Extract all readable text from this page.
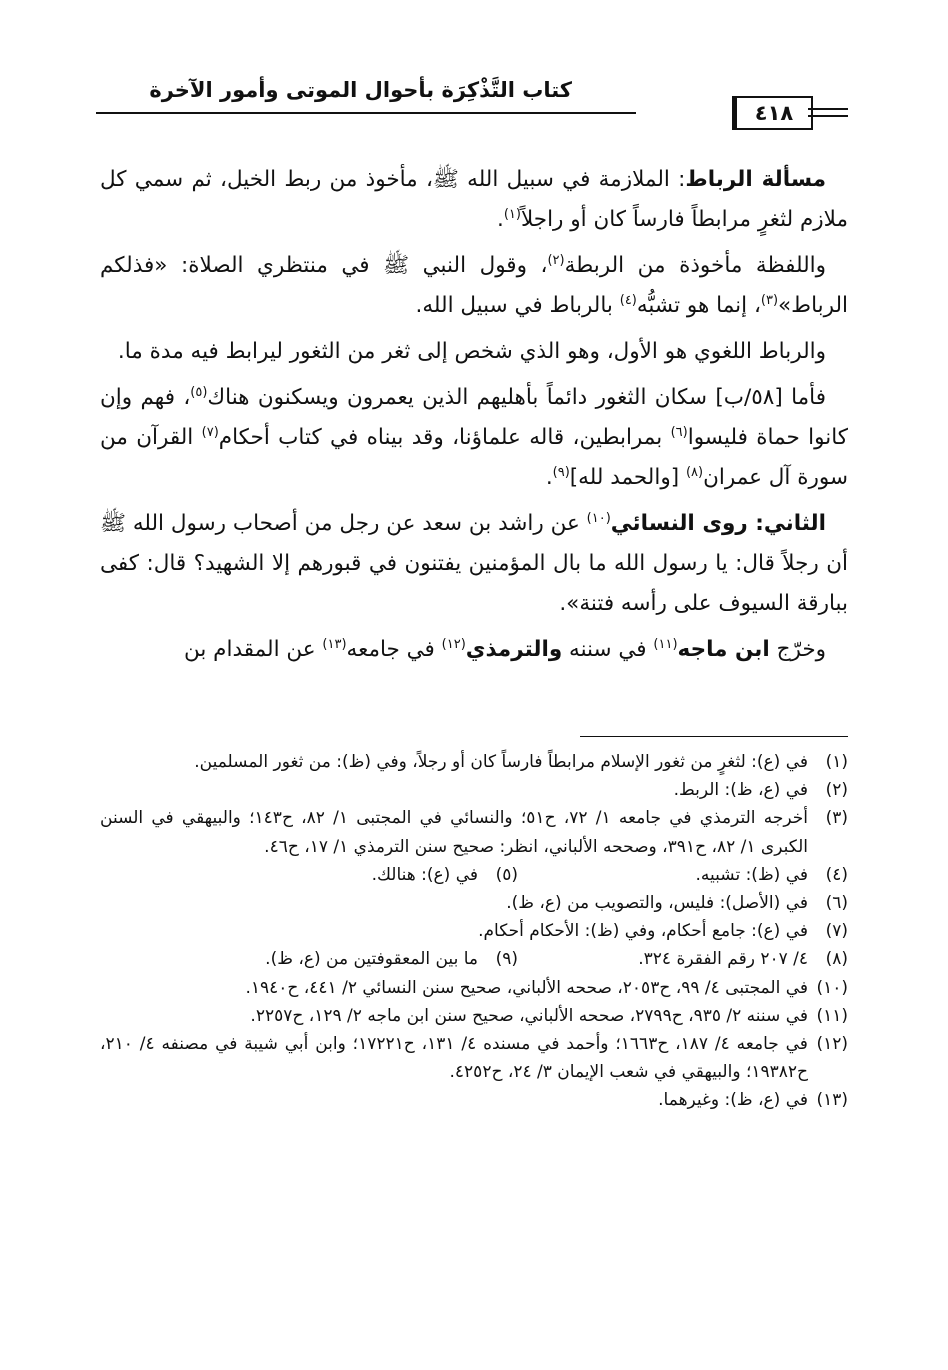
كتاب التَّذْكِرَة بأحوال الموتى وأمور الآخرة
٤١٨

مسألة الرباط: الملازمة في سبيل الله ﷺ، مأخوذ من ربط الخيل، ثم سمي كل ملازم لثغرٍ مرابطاً فارساً كان أو راجلاً$^{(١)}$.

واللفظة مأخوذة من الربطة$^{(٢)}$، وقول النبي ﷺ في منتظري الصلاة: «فذلكم الرباط»$^{(٣)}$، إنما هو تشبُّه$^{(٤)}$ بالرباط في سبيل الله.

والرباط اللغوي هو الأول، وهو الذي شخص إلى ثغر من الثغور ليرابط فيه مدة ما.

فأما [٥٨/ب] سكان الثغور دائماً بأهليهم الذين يعمرون ويسكنون هناك$^{(٥)}$، فهم وإن كانوا حماة فليسوا$^{(٦)}$ بمرابطين، قاله علماؤنا، وقد بيناه في كتاب أحكام$^{(٧)}$ القرآن من سورة آل عمران$^{(٨)}$ [والحمد لله]$^{(٩)}$.

الثاني: روى النسائي$^{(١٠)}$ عن راشد بن سعد عن رجل من أصحاب رسول الله ﷺ أن رجلاً قال: يا رسول الله ما بال المؤمنين يفتنون في قبورهم إلا الشهيد؟ قال: كفى ببارقة السيوف على رأسه فتنة».

وخرّج ابن ماجه$^{(١١)}$ في سننه والترمذي$^{(١٢)}$ في جامعه$^{(١٣)}$ عن المقدام بن

(١)
في (ع): لثغرٍ من ثغور الإسلام مرابطاً فارساً كان أو رجلاً، وفي (ظ): من ثغور المسلمين.
(٢)
في (ع، ظ): الربط.
(٣)
أخرجه الترمذي في جامعه ١/ ٧٢، ح٥١؛ والنسائي في المجتبى ١/ ٨٢، ح١٤٣؛ والبيهقي في السنن الكبرى ١/ ٨٢، ح٣٩١، وصححه الألباني، انظر: صحيح سنن الترمذي ١/ ١٧، ح٤٦.
(٤)في (ظ): تشبيه.
(٥)في (ع): هنالك.
(٦)
في (الأصل): فليس، والتصويب من (ع، ظ).
(٧)
في (ع): جامع أحكام، وفي (ظ): الأحكام أحكام.
(٨)٤/ ٢٠٧ رقم الفقرة ٣٢٤.
(٩)ما بين المعقوفتين من (ع، ظ).
(١٠)
في المجتبى ٤/ ٩٩، ح٢٠٥٣، صححه الألباني، صحيح سنن النسائي ٢/ ٤٤١، ح١٩٤٠.
(١١)
في سننه ٢/ ٩٣٥، ح٢٧٩٩، صححه الألباني، صحيح سنن ابن ماجه ٢/ ١٢٩، ح٢٢٥٧.
(١٢)
في جامعه ٤/ ١٨٧، ح١٦٦٣؛ وأحمد في مسنده ٤/ ١٣١، ح١٧٢٢١؛ وابن أبي شيبة في مصنفه ٤/ ٢١٠، ح١٩٣٨٢؛ والبيهقي في شعب الإيمان ٣/ ٢٤، ح٤٢٥٢.
(١٣)
في (ع، ظ): وغيرهما.
